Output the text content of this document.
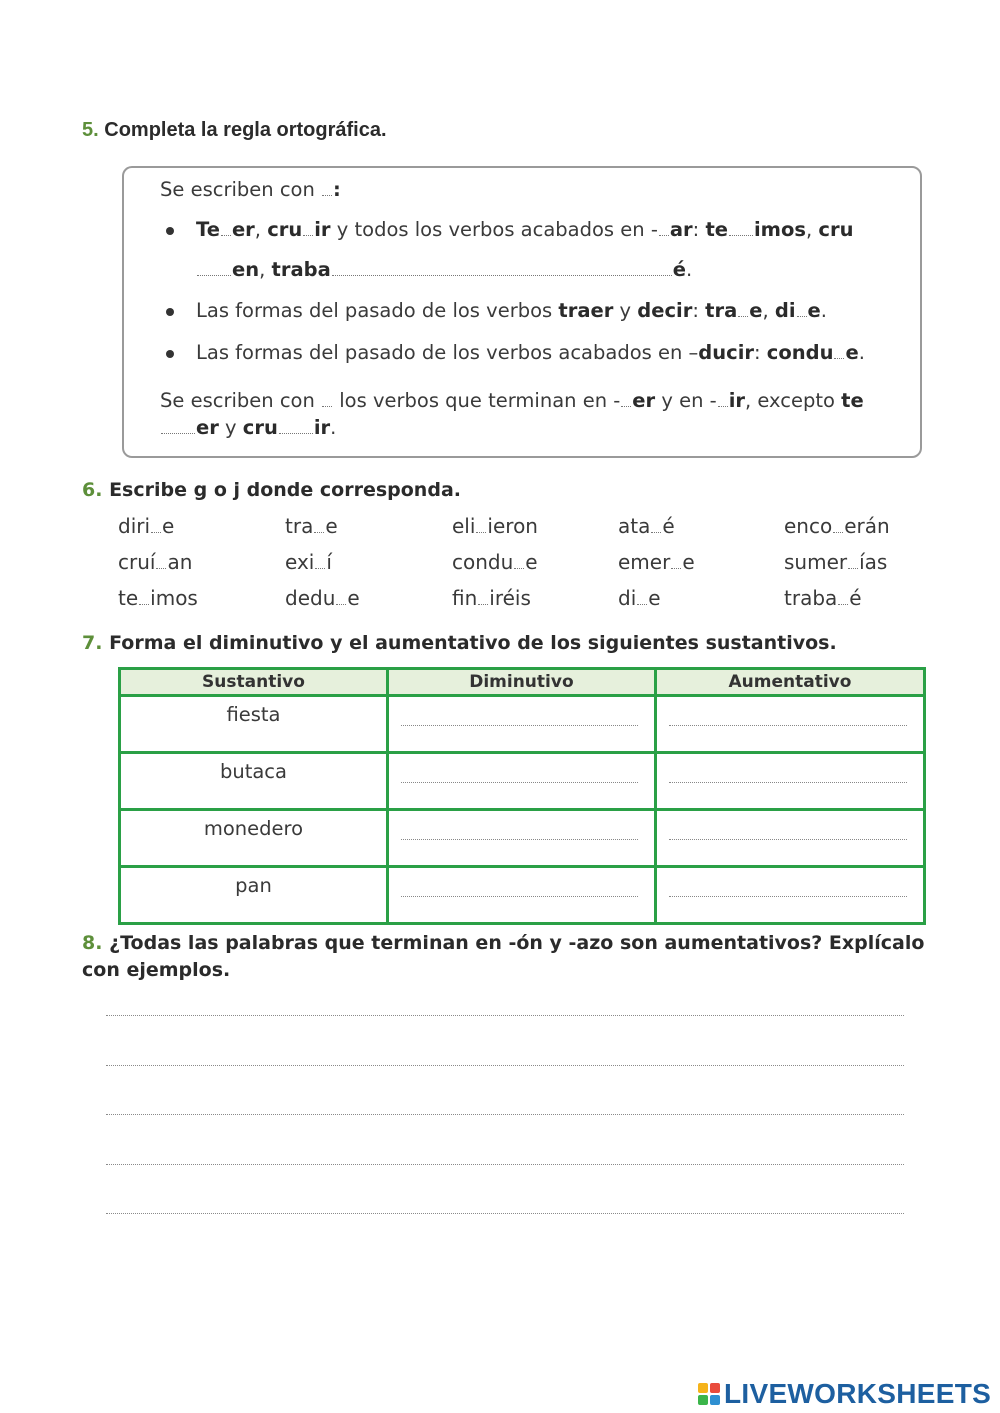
5. Completa la regla ortográfica.
Se escriben con :
Te er, cru ir y todos los verbos acabados en - ar: te imos, cru
en, traba	é.
Las formas del pasado de los verbos traer y decir: tra e, di e.
Las formas del pasado de los verbos acabados en –ducir: condu e.
Se escriben con los verbos que terminan en - er y en - ir, excepto te
er y cru ir.
6. Escribe g o j donde corresponda.
diri e	tra e	eli ieron	ata é	enco erán
cruí an	exi í	condu e	emer e	sumer ías
te imos	dedu e	fin iréis	di e	traba é
7. Forma el diminutivo y el aumentativo de los siguientes sustantivos.
Sustantivo	Diminutivo	Aumentativo
fiesta	

butaca	

monedero	

pan	

8. ¿Todas las palabras que terminan en -ón y -azo son aumentativos? Explícalo con ejemplos.
LIVEWORKSHEETS
